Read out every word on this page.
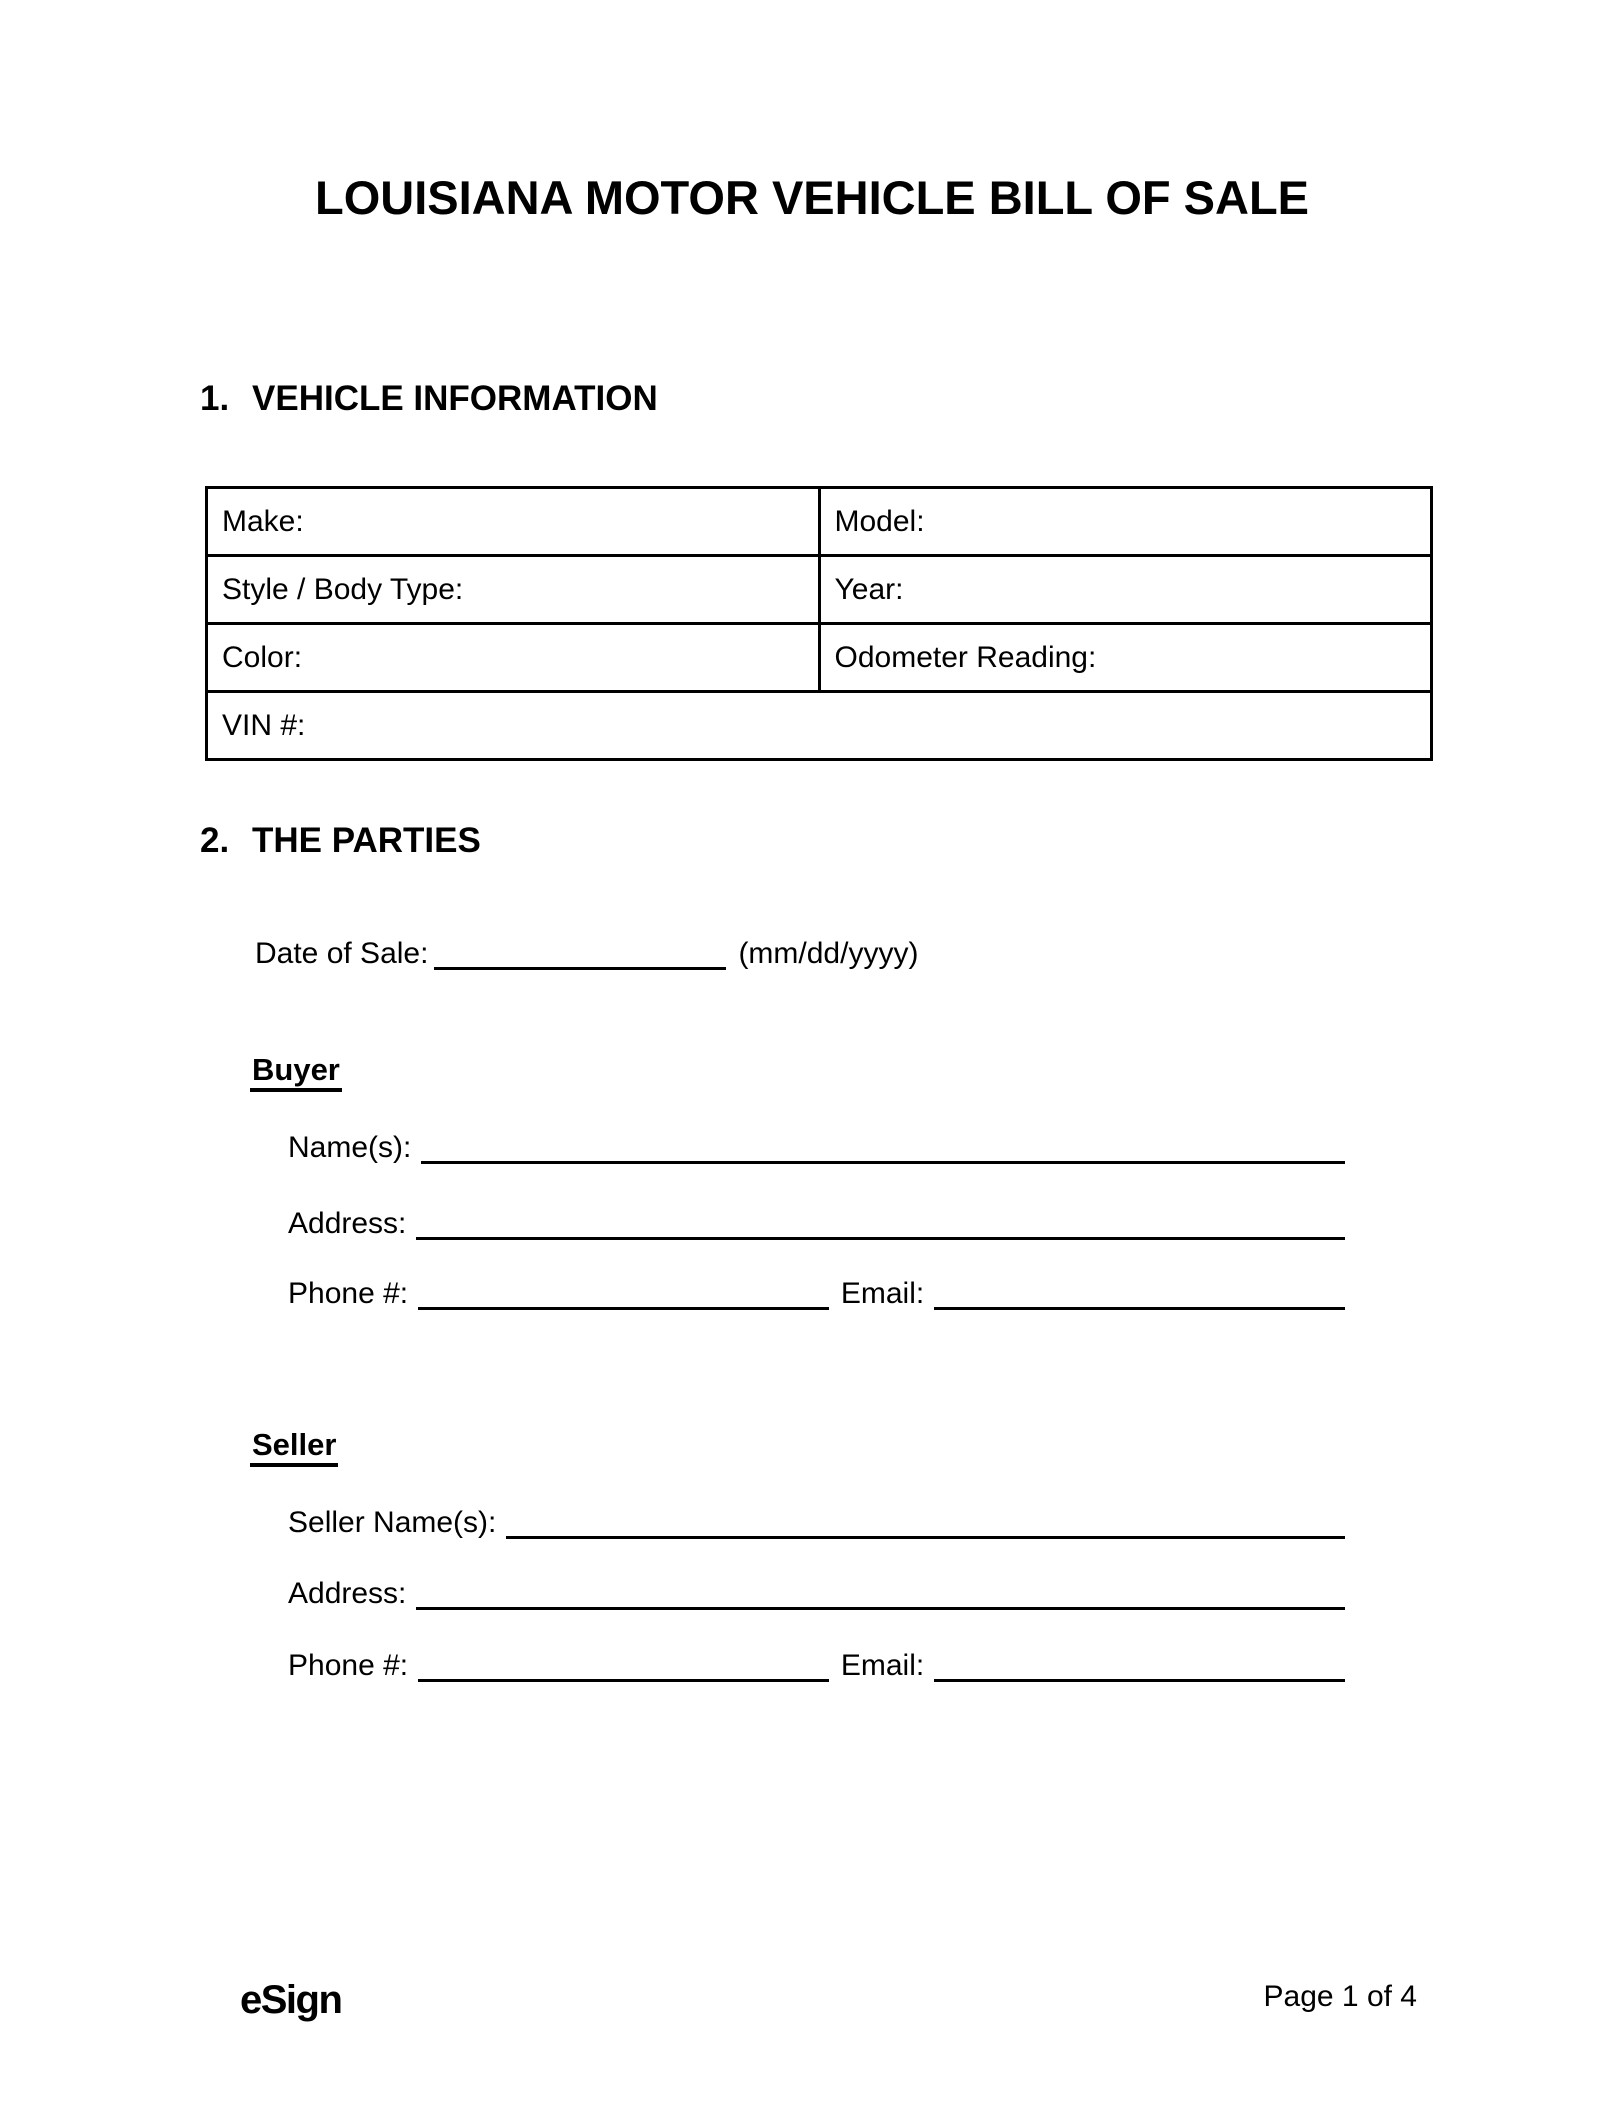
LOUISIANA MOTOR VEHICLE BILL OF SALE
1. VEHICLE INFORMATION
Make:	Model:
Style / Body Type:	Year:
Color:	Odometer Reading:
VIN #:	
2. THE PARTIES
Date of Sale:	(mm/dd/yyyy)
Buyer
Name(s):
Address:
Phone #:	Email:
Seller
Seller Name(s):
Address:
Phone #:	Email:
eSign	Page 1 of 4
